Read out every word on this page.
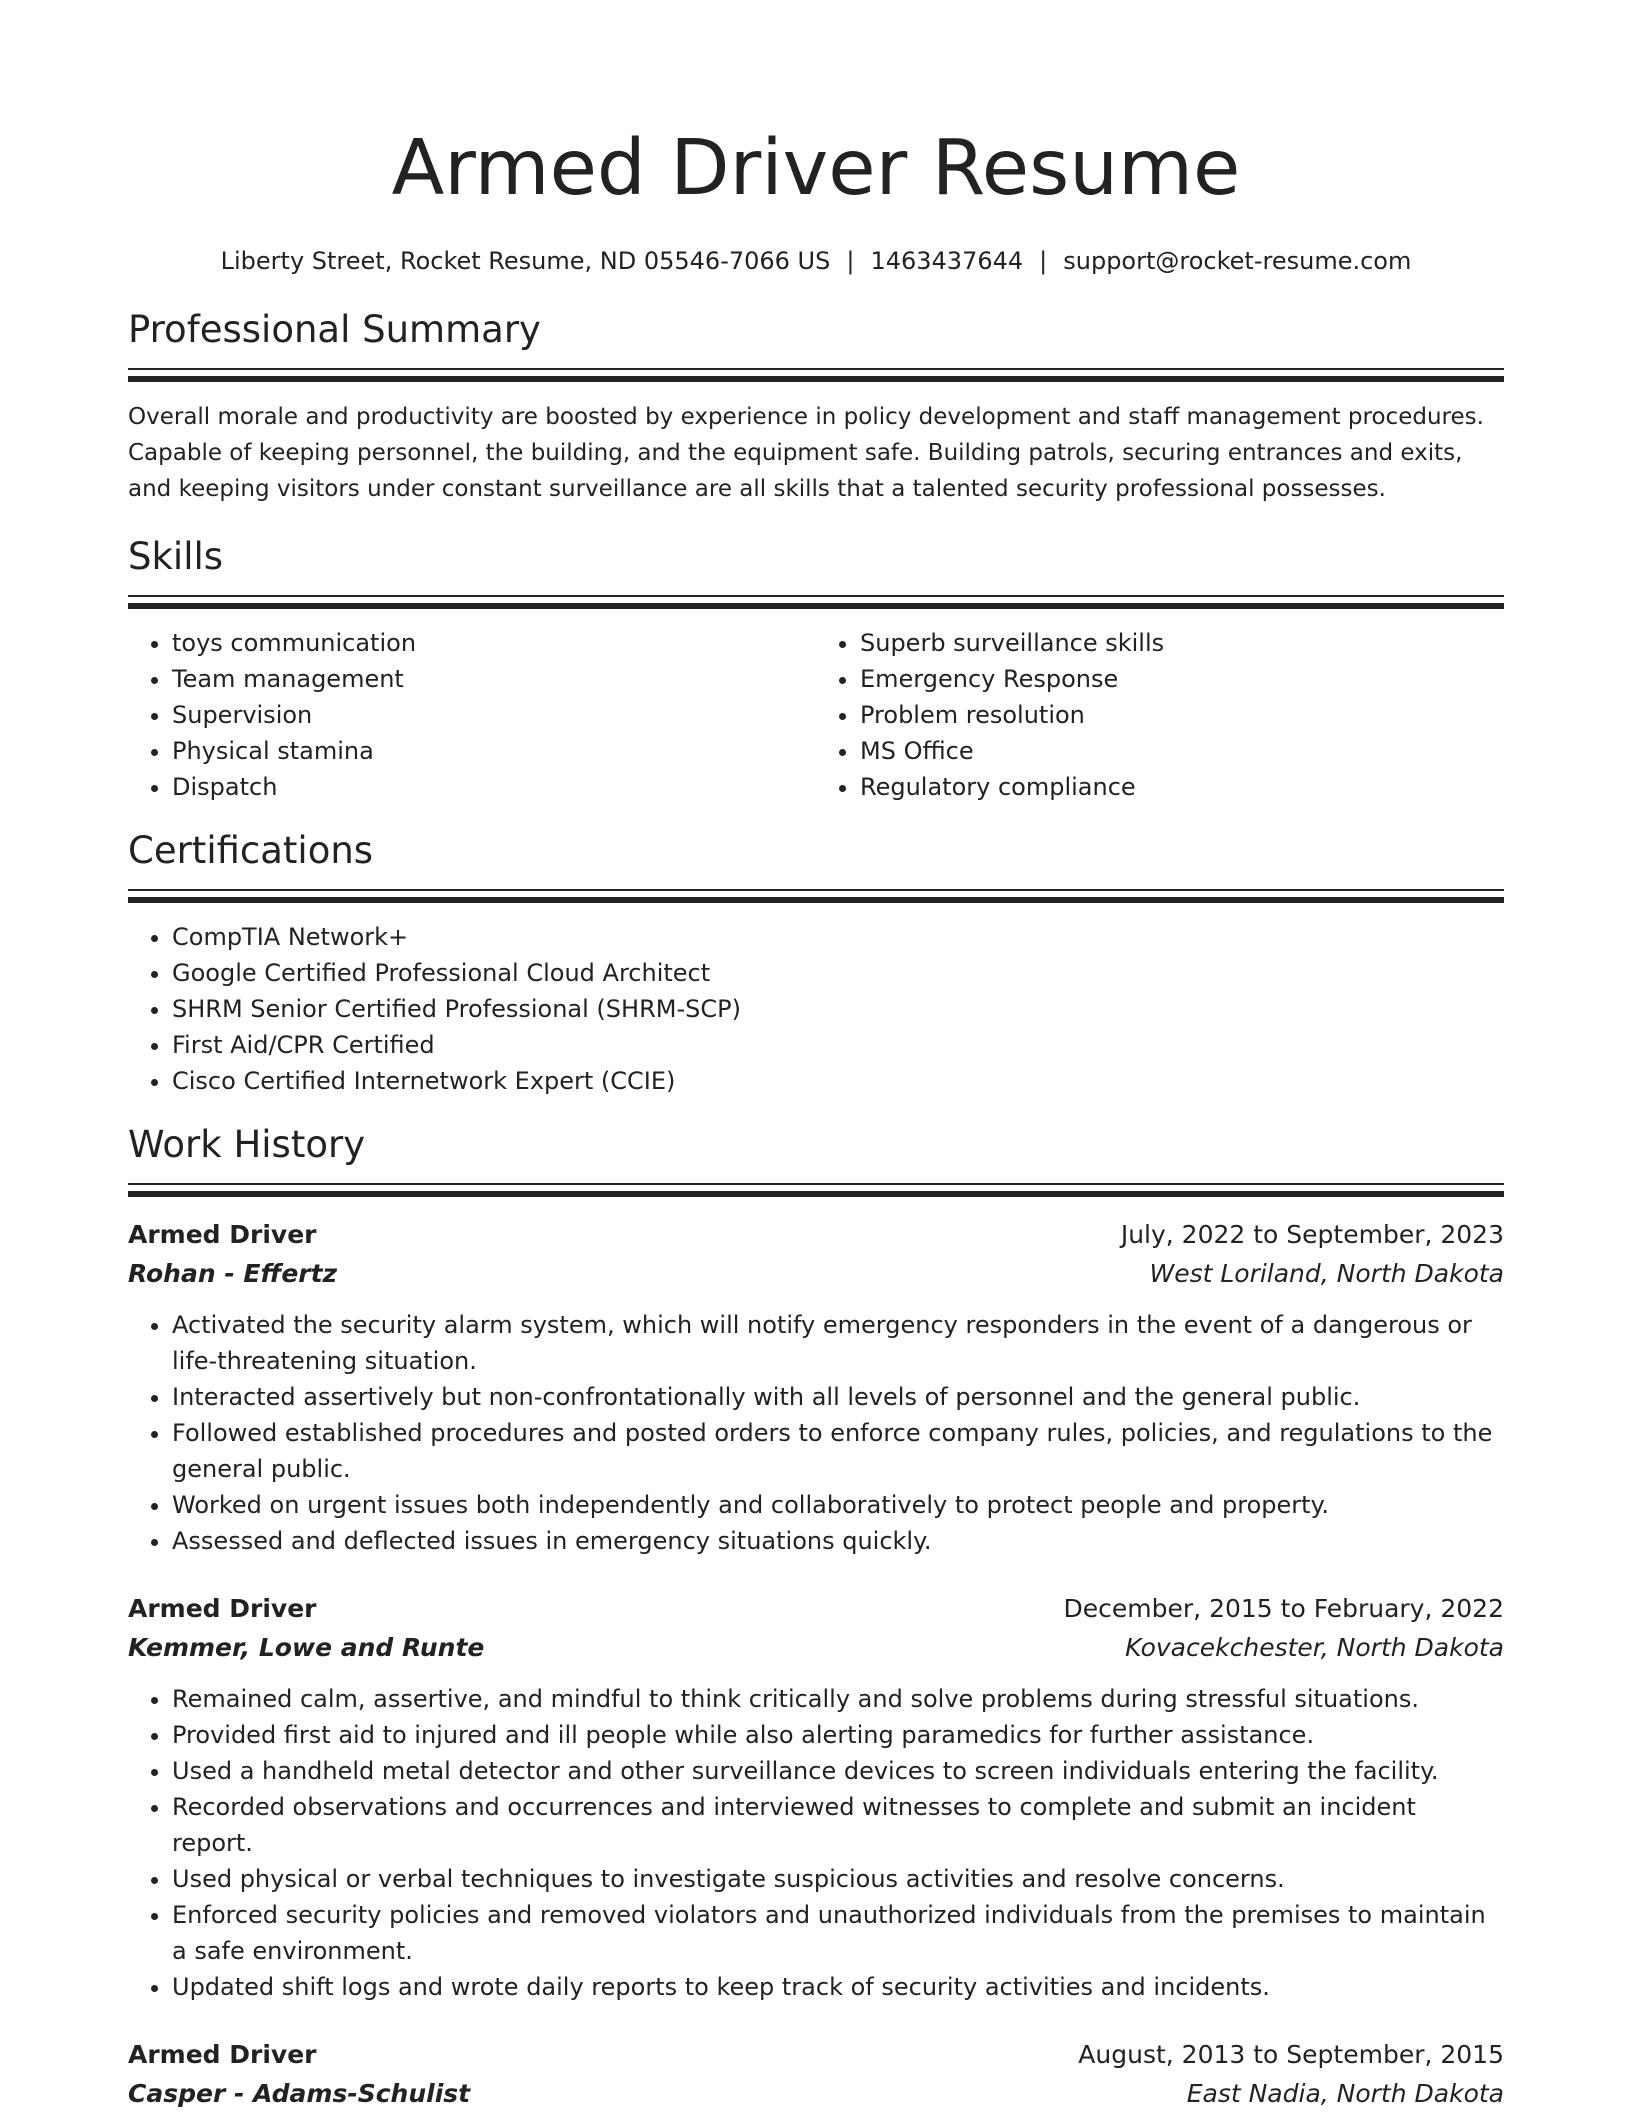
Armed Driver Resume
Liberty Street, Rocket Resume, ND 05546-7066 US | 1463437644 | support@rocket-resume.com
Professional Summary
Overall morale and productivity are boosted by experience in policy development and staff management procedures. Capable of keeping personnel, the building, and the equipment safe. Building patrols, securing entrances and exits, and keeping visitors under constant surveillance are all skills that a talented security professional possesses.
Skills
• toys communication
• Team management
• Supervision
• Physical stamina
• Dispatch
• Superb surveillance skills
• Emergency Response
• Problem resolution
• MS Office
• Regulatory compliance
Certifications
• CompTIA Network+
• Google Certified Professional Cloud Architect
• SHRM Senior Certified Professional (SHRM-SCP)
• First Aid/CPR Certified
• Cisco Certified Internetwork Expert (CCIE)
Work History
Armed Driver	July, 2022 to September, 2023
Rohan - Effertz	West Loriland, North Dakota
• Activated the security alarm system, which will notify emergency responders in the event of a dangerous or life-threatening situation.
• Interacted assertively but non-confrontationally with all levels of personnel and the general public.
• Followed established procedures and posted orders to enforce company rules, policies, and regulations to the general public.
• Worked on urgent issues both independently and collaboratively to protect people and property.
• Assessed and deflected issues in emergency situations quickly.
Armed Driver	December, 2015 to February, 2022
Kemmer, Lowe and Runte	Kovacekchester, North Dakota
• Remained calm, assertive, and mindful to think critically and solve problems during stressful situations.
• Provided first aid to injured and ill people while also alerting paramedics for further assistance.
• Used a handheld metal detector and other surveillance devices to screen individuals entering the facility.
• Recorded observations and occurrences and interviewed witnesses to complete and submit an incident report.
• Used physical or verbal techniques to investigate suspicious activities and resolve concerns.
• Enforced security policies and removed violators and unauthorized individuals from the premises to maintain a safe environment.
• Updated shift logs and wrote daily reports to keep track of security activities and incidents.
Armed Driver	August, 2013 to September, 2015
Casper - Adams-Schulist	East Nadia, North Dakota
